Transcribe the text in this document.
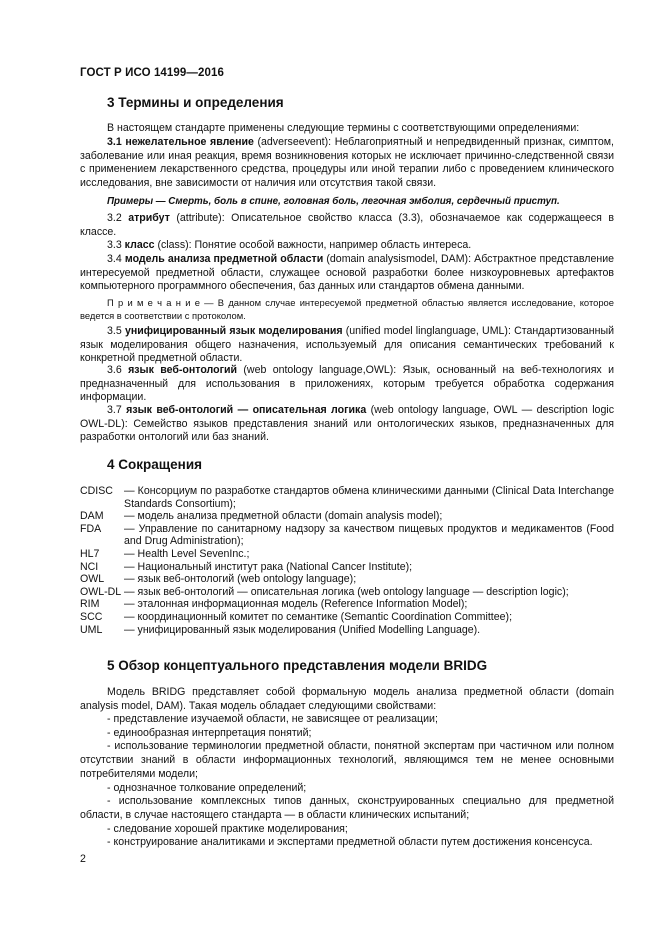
ГОСТ Р ИСО 14199—2016
3 Термины и определения
В настоящем стандарте применены следующие термины с соответствующими определениями:
3.1 нежелательное явление (adverseevent): Неблагоприятный и непредвиденный признак, симптом, заболевание или иная реакция, время возникновения которых не исключает причинно-следственной связи с применением лекарственного средства, процедуры или иной терапии либо с проведением клинического исследования, вне зависимости от наличия или отсутствия такой связи.
Примеры — Смерть, боль в спине, головная боль, легочная эмболия, сердечный приступ.
3.2 атрибут (attribute): Описательное свойство класса (3.3), обозначаемое как содержащееся в классе.
3.3 класс (class): Понятие особой важности, например область интереса.
3.4 модель анализа предметной области (domain analysismodel, DAM): Абстрактное представление интересуемой предметной области, служащее основой разработки более низкоуровневых артефактов компьютерного программного обеспечения, баз данных или стандартов обмена данными.
П р и м е ч а н и е — В данном случае интересуемой предметной областью является исследование, которое ведется в соответствии с протоколом.
3.5 унифицированный язык моделирования (unified model linglanguage, UML): Стандартизованный язык моделирования общего назначения, используемый для описания семантических требований к конкретной предметной области.
3.6 язык веб-онтологий (web ontology language,OWL): Язык, основанный на веб-технологиях и предназначенный для использования в приложениях, которым требуется обработка содержания информации.
3.7 язык веб-онтологий — описательная логика (web ontology language, OWL — description logic OWL-DL): Семейство языков представления знаний или онтологических языков, предназначенных для разработки онтологий или баз знаний.
4 Сокращения
CDISC	— Консорциум по разработке стандартов обмена клиническими данными (Clinical Data Interchange Standards Consortium);
DAM	— модель анализа предметной области (domain analysis model);
FDA	— Управление по санитарному надзору за качеством пищевых продуктов и медикаментов (Food and Drug Administration);
HL7	— Health Level SevenInc.;
NCI	— Национальный институт рака (National Cancer Institute);
OWL	— язык веб-онтологий (web ontology language);
OWL-DL — язык веб-онтологий — описательная логика (web ontology language — description logic);
RIM	— эталонная информационная модель (Reference Information Model);
SCC	— координационный комитет по семантике (Semantic Coordination Committee);
UML	— унифицированный язык моделирования (Unified Modelling Language).
5 Обзор концептуального представления модели BRIDG
Модель BRIDG представляет собой формальную модель анализа предметной области (domain analysis model, DAM). Такая модель обладает следующими свойствами:
- представление изучаемой области, не зависящее от реализации;
- единообразная интерпретация понятий;
- использование терминологии предметной области, понятной экспертам при частичном или полном отсутствии знаний в области информационных технологий, являющимся тем не менее основными потребителями модели;
- однозначное толкование определений;
- использование комплексных типов данных, сконструированных специально для предметной области, в случае настоящего стандарта — в области клинических испытаний;
- следование хорошей практике моделирования;
- конструирование аналитиками и экспертами предметной области путем достижения консенсуса.
2
